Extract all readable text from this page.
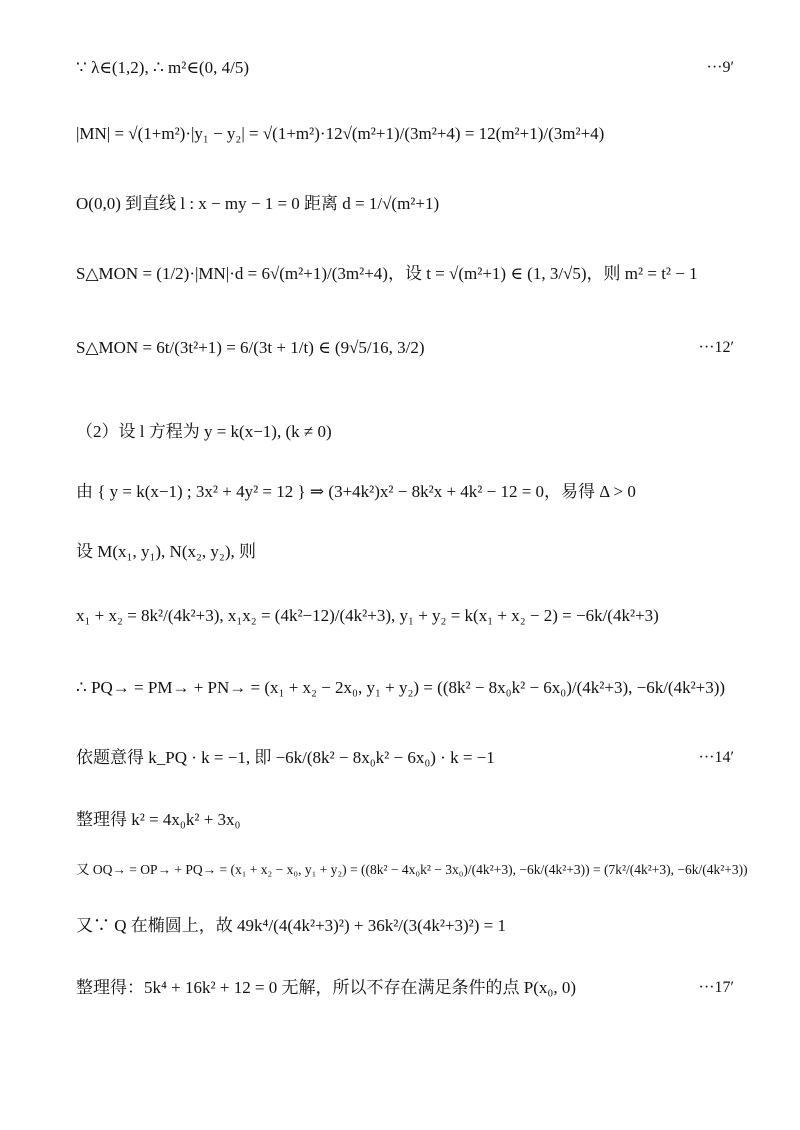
∵ λ∈(1,2), ∴ m²∈(0, 4/5)	···9′
|MN| = √(1+m²)·|y₁ − y₂| = √(1+m²)·12√(m²+1)/(3m²+4) = 12(m²+1)/(3m²+4)
O(0,0) 到直线 l : x − my − 1 = 0 距离 d = 1/√(m²+1)
S△MON = (1/2)·|MN|·d = 6√(m²+1)/(3m²+4)，设 t = √(m²+1) ∈ (1, 3/√5)，则 m² = t² − 1
S△MON = 6t/(3t²+1) = 6/(3t + 1/t) ∈ (9√5/16, 3/2)	···12′
（2）设 l 方程为 y = k(x−1), (k ≠ 0)
由 { y = k(x−1) ; 3x² + 4y² = 12 } ⇒ (3+4k²)x² − 8k²x + 4k² − 12 = 0，易得 Δ > 0
设 M(x₁, y₁), N(x₂, y₂), 则
x₁ + x₂ = 8k²/(4k²+3), x₁x₂ = (4k²−12)/(4k²+3), y₁ + y₂ = k(x₁ + x₂ − 2) = −6k/(4k²+3)
∴ PQ→ = PM→ + PN→ = (x₁ + x₂ − 2x₀, y₁ + y₂) = ((8k² − 8x₀k² − 6x₀)/(4k²+3), −6k/(4k²+3))
依题意得 k_PQ · k = −1, 即 −6k/(8k² − 8x₀k² − 6x₀) · k = −1	···14′
整理得 k² = 4x₀k² + 3x₀
又 OQ→ = OP→ + PQ→ = (x₁ + x₂ − x₀, y₁ + y₂) = ((8k² − 4x₀k² − 3x₀)/(4k²+3), −6k/(4k²+3)) = (7k²/(4k²+3), −6k/(4k²+3))
又∵ Q 在椭圆上，故 49k⁴/(4(4k²+3)²) + 36k²/(3(4k²+3)²) = 1
整理得：5k⁴ + 16k² + 12 = 0 无解，所以不存在满足条件的点 P(x₀, 0)	···17′
